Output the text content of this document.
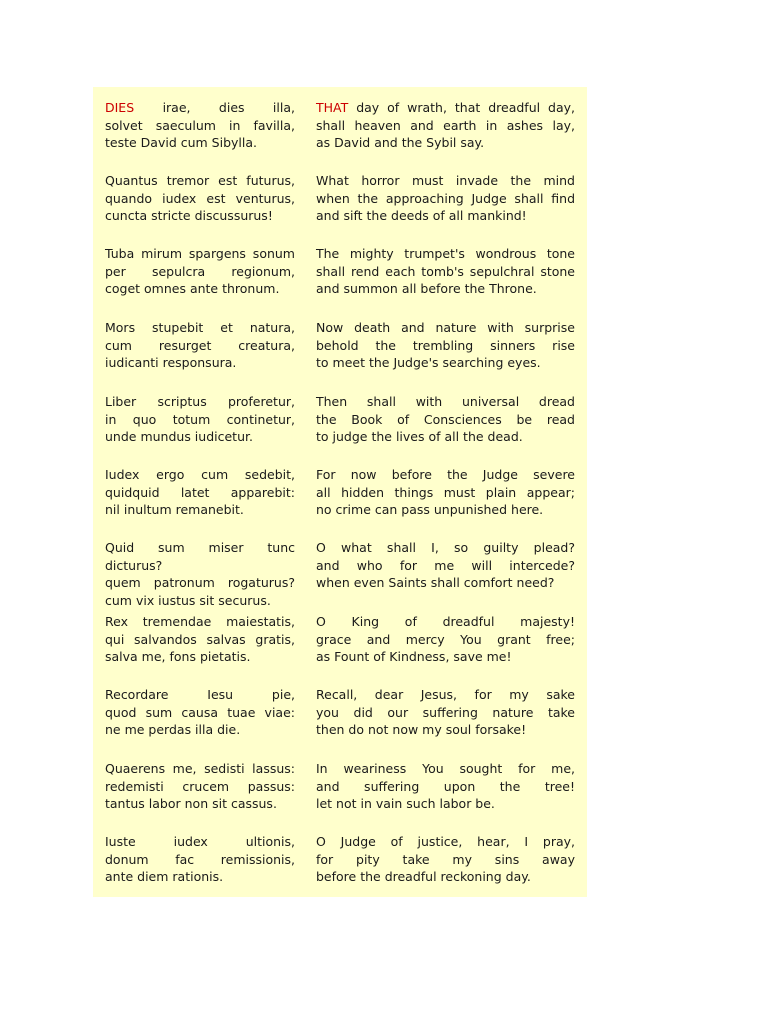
DIES irae, dies illa,
solvet saeculum in favilla,
teste David cum Sibylla.
THAT day of wrath, that dreadful day,
shall heaven and earth in ashes lay,
as David and the Sybil say.
Quantus tremor est futurus,
quando iudex est venturus,
cuncta stricte discussurus!
What horror must invade the mind
when the approaching Judge shall find
and sift the deeds of all mankind!
Tuba mirum spargens sonum
per sepulcra regionum,
coget omnes ante thronum.
The mighty trumpet's wondrous tone
shall rend each tomb's sepulchral stone
and summon all before the Throne.
Mors stupebit et natura,
cum resurget creatura,
iudicanti responsura.
Now death and nature with surprise
behold the trembling sinners rise
to meet the Judge's searching eyes.
Liber scriptus proferetur,
in quo totum continetur,
unde mundus iudicetur.
Then shall with universal dread
the Book of Consciences be read
to judge the lives of all the dead.
Iudex ergo cum sedebit,
quidquid latet apparebit:
nil inultum remanebit.
For now before the Judge severe
all hidden things must plain appear;
no crime can pass unpunished here.
Quid sum miser tunc dicturus?
quem patronum rogaturus?
cum vix iustus sit securus.
O what shall I, so guilty plead?
and who for me will intercede?
when even Saints shall comfort need?
Rex tremendae maiestatis,
qui salvandos salvas gratis,
salva me, fons pietatis.
O King of dreadful majesty!
grace and mercy You grant free;
as Fount of Kindness, save me!
Recordare Iesu pie,
quod sum causa tuae viae:
ne me perdas illa die.
Recall, dear Jesus, for my sake
you did our suffering nature take
then do not now my soul forsake!
Quaerens me, sedisti lassus:
redemisti crucem passus:
tantus labor non sit cassus.
In weariness You sought for me,
and suffering upon the tree!
let not in vain such labor be.
Iuste iudex ultionis,
donum fac remissionis,
ante diem rationis.
O Judge of justice, hear, I pray,
for pity take my sins away
before the dreadful reckoning day.
